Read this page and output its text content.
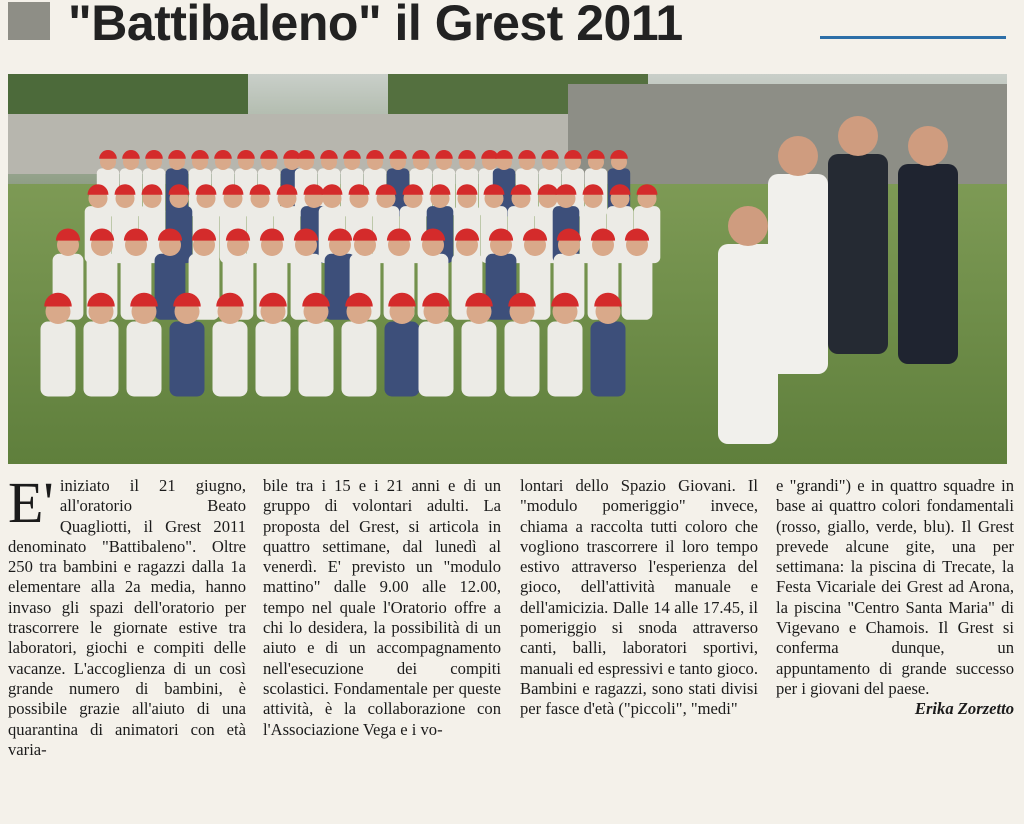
"Battibaleno" il Grest 2011
E' iniziato il 21 giugno, all'oratorio Beato Quagliotti, il Grest 2011 denominato "Battibaleno". Oltre 250 tra bambini e ragazzi dalla 1a elementare alla 2a media, hanno invaso gli spazi dell'oratorio per trascorrere le giornate estive tra laboratori, giochi e compiti delle vacanze. L'accoglienza di un così grande numero di bambini, è possibile grazie all'aiuto di una quarantina di animatori con età varia-

bile tra i 15 e i 21 anni e di un gruppo di volontari adulti. La proposta del Grest, si articola in quattro settimane, dal lunedì al venerdì. E' previsto un "modulo mattino" dalle 9.00 alle 12.00, tempo nel quale l'Oratorio offre a chi lo desidera, la possibilità di un aiuto e di un accompagnamento nell'esecuzione dei compiti scolastici. Fondamentale per queste attività, è la collaborazione con l'Associazione Vega e i vo-

lontari dello Spazio Giovani. Il "modulo pomeriggio" invece, chiama a raccolta tutti coloro che vogliono trascorrere il loro tempo estivo attraverso l'esperienza del gioco, dell'attività manuale e dell'amicizia. Dalle 14 alle 17.45, il pomeriggio si snoda attraverso canti, balli, laboratori sportivi, manuali ed espressivi e tanto gioco. Bambini e ragazzi, sono stati divisi per fasce d'età ("piccoli", "medi"

e "grandi") e in quattro squadre in base ai quattro colori fondamentali (rosso, giallo, verde, blu). Il Grest prevede alcune gite, una per settimana: la piscina di Trecate, la Festa Vicariale dei Grest ad Arona, la piscina "Centro Santa Maria" di Vigevano e Chamois. Il Grest si conferma dunque, un appuntamento di grande successo per i giovani del paese.

Erika Zorzetto
